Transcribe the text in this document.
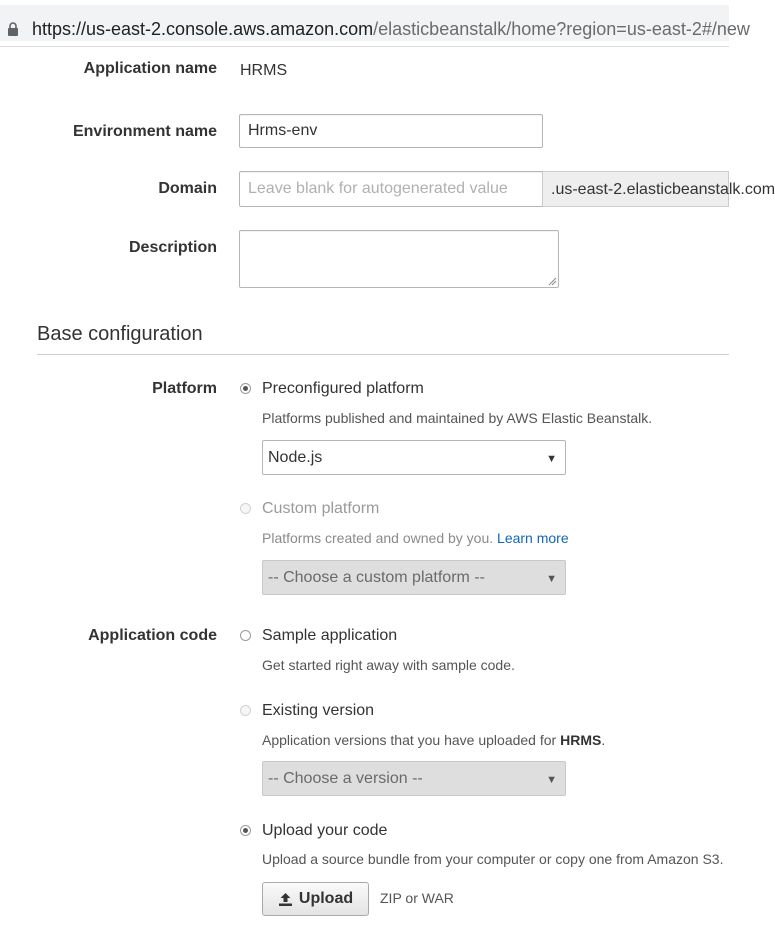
https://us-east-2.console.aws.amazon.com/elasticbeanstalk/home?region=us-east-2#/new
Application name HRMS
Environment name
Hrms-env
Domain
Leave blank for autogenerated value	.us-east-2.elasticbeanstalk.com
Description
Base configuration
Platform	Preconfigured platform
Platforms published and maintained by AWS Elastic Beanstalk.
Node.js	▼
Custom platform
Platforms created and owned by you. Learn more
-- Choose a custom platform --	▼
Application code	Sample application
Get started right away with sample code.
Existing version
Application versions that you have uploaded for HRMS.
-- Choose a version --	▼
Upload your code
Upload a source bundle from your computer or copy one from Amazon S3.
Upload ZIP or WAR
